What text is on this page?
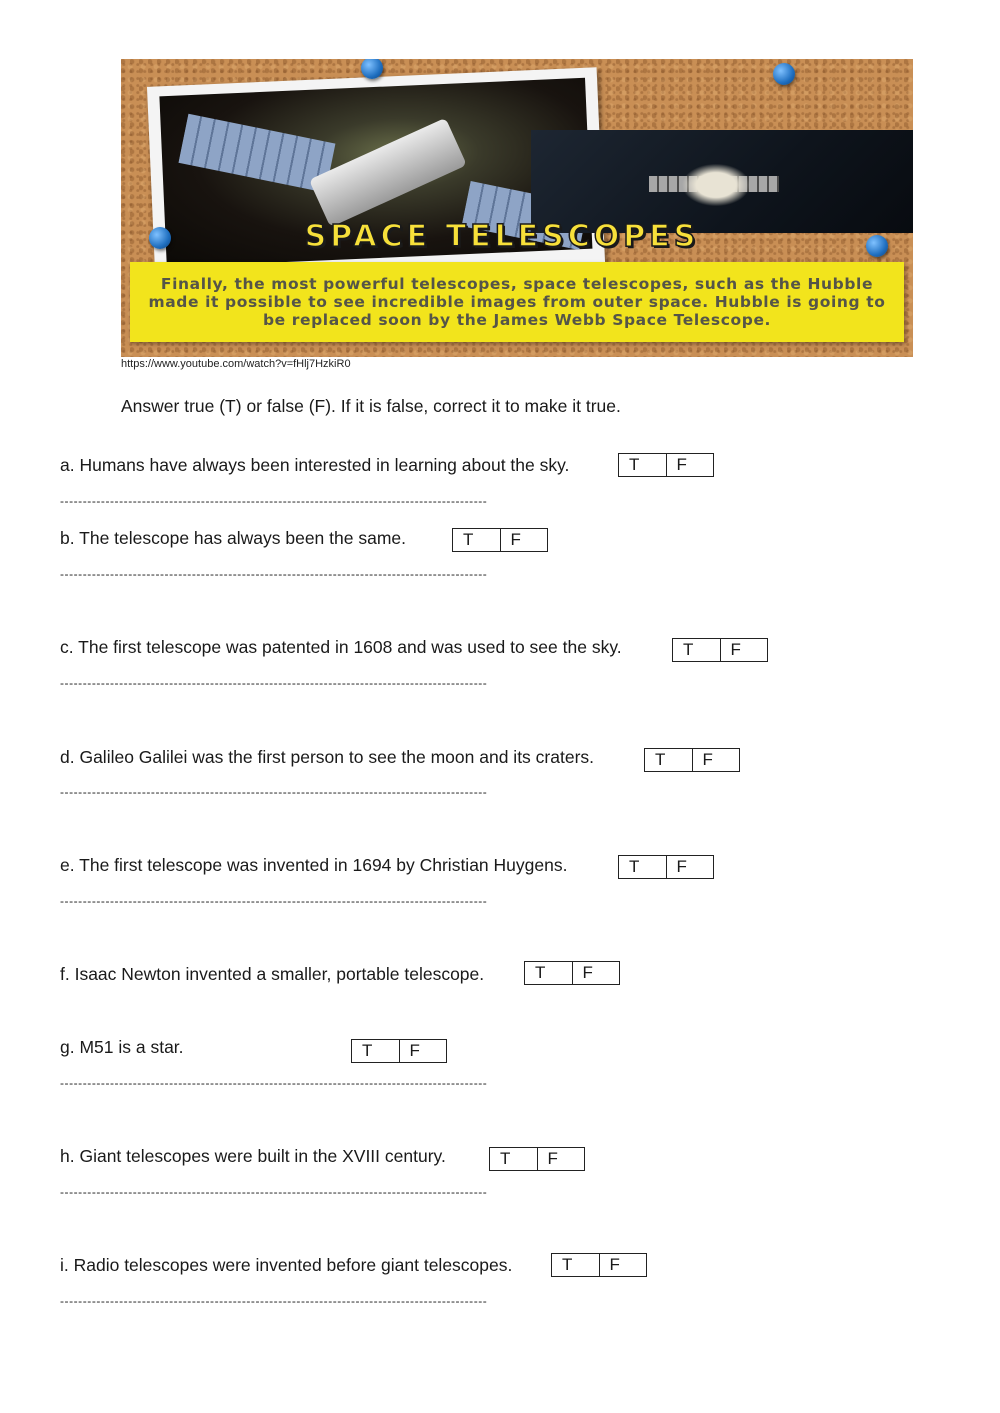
SPACE TELESCOPES

Finally, the most powerful telescopes, space telescopes, such as the Hubble made it possible to see incredible images from outer space. Hubble is going to be replaced soon by the James Webb Space Telescope.

https://www.youtube.com/watch?v=fHlj7HzkiR0
Answer true (T) or false (F). If it is false, correct it to make it true.
a. Humans have always been interested in learning about the sky.	T	F
----------------------------------------------------------------------------------------------
b. The telescope has always been the same.	T	F
----------------------------------------------------------------------------------------------
c. The first telescope was patented in 1608 and was used to see the sky.	T	F
----------------------------------------------------------------------------------------------
d. Galileo Galilei was the first person to see the moon and its craters.	T	F
----------------------------------------------------------------------------------------------
e. The first telescope was invented in 1694 by Christian Huygens.	T	F
----------------------------------------------------------------------------------------------
f. Isaac Newton invented a smaller, portable telescope.	T	F
g. M51 is a star.	T	F
----------------------------------------------------------------------------------------------
h. Giant telescopes were built in the XVIII century.	T	F
----------------------------------------------------------------------------------------------
i. Radio telescopes were invented before giant telescopes.	T	F
----------------------------------------------------------------------------------------------
